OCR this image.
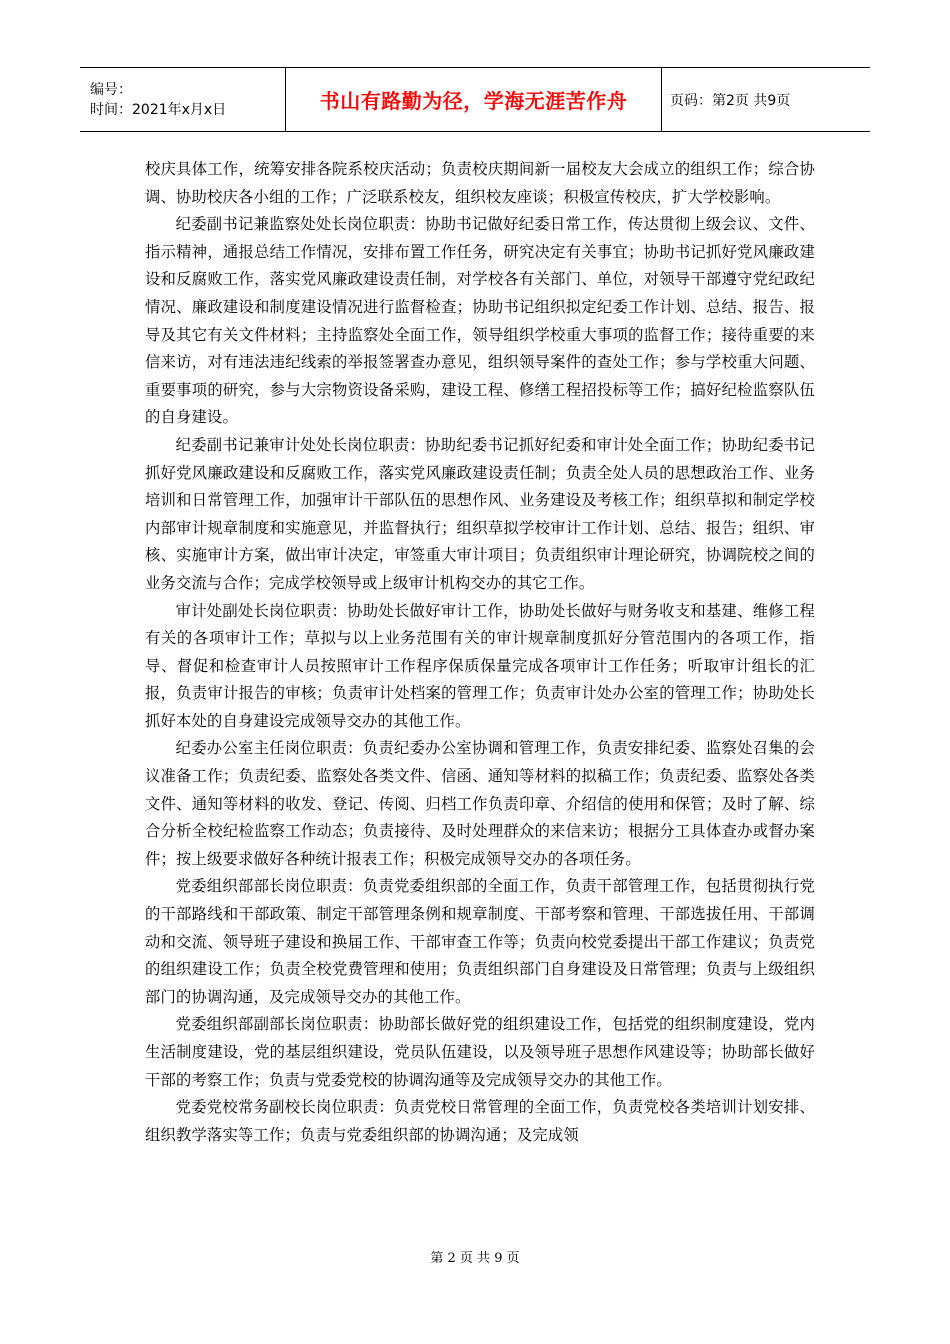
编号：
时间：2021年x月x日	书山有路勤为径，学海无涯苦作舟	页码：第2页 共9页

校庆具体工作，统筹安排各院系校庆活动；负责校庆期间新一届校友大会成立的组织工作；综合协调、协助校庆各小组的工作；广泛联系校友，组织校友座谈；积极宣传校庆，扩大学校影响。

纪委副书记兼监察处处长岗位职责：协助书记做好纪委日常工作，传达贯彻上级会议、文件、指示精神，通报总结工作情况，安排布置工作任务，研究决定有关事宜；协助书记抓好党风廉政建设和反腐败工作，落实党风廉政建设责任制，对学校各有关部门、单位，对领导干部遵守党纪政纪情况、廉政建设和制度建设情况进行监督检查；协助书记组织拟定纪委工作计划、总结、报告、报导及其它有关文件材料；主持监察处全面工作，领导组织学校重大事项的监督工作；接待重要的来信来访，对有违法违纪线索的举报签署查办意见，组织领导案件的查处工作；参与学校重大问题、重要事项的研究，参与大宗物资设备采购，建设工程、修缮工程招投标等工作；搞好纪检监察队伍的自身建设。

纪委副书记兼审计处处长岗位职责：协助纪委书记抓好纪委和审计处全面工作；协助纪委书记抓好党风廉政建设和反腐败工作，落实党风廉政建设责任制；负责全处人员的思想政治工作、业务培训和日常管理工作，加强审计干部队伍的思想作风、业务建设及考核工作；组织草拟和制定学校内部审计规章制度和实施意见，并监督执行；组织草拟学校审计工作计划、总结、报告；组织、审核、实施审计方案，做出审计决定，审签重大审计项目；负责组织审计理论研究，协调院校之间的业务交流与合作；完成学校领导或上级审计机构交办的其它工作。

审计处副处长岗位职责：协助处长做好审计工作，协助处长做好与财务收支和基建、维修工程有关的各项审计工作；草拟与以上业务范围有关的审计规章制度抓好分管范围内的各项工作，指导、督促和检查审计人员按照审计工作程序保质保量完成各项审计工作任务；听取审计组长的汇报，负责审计报告的审核；负责审计处档案的管理工作；负责审计处办公室的管理工作；协助处长抓好本处的自身建设完成领导交办的其他工作。

纪委办公室主任岗位职责：负责纪委办公室协调和管理工作，负责安排纪委、监察处召集的会议准备工作；负责纪委、监察处各类文件、信函、通知等材料的拟稿工作；负责纪委、监察处各类文件、通知等材料的收发、登记、传阅、归档工作负责印章、介绍信的使用和保管；及时了解、综合分析全校纪检监察工作动态；负责接待、及时处理群众的来信来访；根据分工具体查办或督办案件；按上级要求做好各种统计报表工作；积极完成领导交办的各项任务。

党委组织部部长岗位职责：负责党委组织部的全面工作，负责干部管理工作，包括贯彻执行党的干部路线和干部政策、制定干部管理条例和规章制度、干部考察和管理、干部选拔任用、干部调动和交流、领导班子建设和换届工作、干部审查工作等；负责向校党委提出干部工作建议；负责党的组织建设工作；负责全校党费管理和使用；负责组织部门自身建设及日常管理；负责与上级组织部门的协调沟通，及完成领导交办的其他工作。

党委组织部副部长岗位职责：协助部长做好党的组织建设工作，包括党的组织制度建设，党内生活制度建设，党的基层组织建设，党员队伍建设，以及领导班子思想作风建设等；协助部长做好干部的考察工作；负责与党委党校的协调沟通等及完成领导交办的其他工作。

党委党校常务副校长岗位职责：负责党校日常管理的全面工作，负责党校各类培训计划安排、组织教学落实等工作；负责与党委组织部的协调沟通；及完成领

第 2 页 共 9 页
